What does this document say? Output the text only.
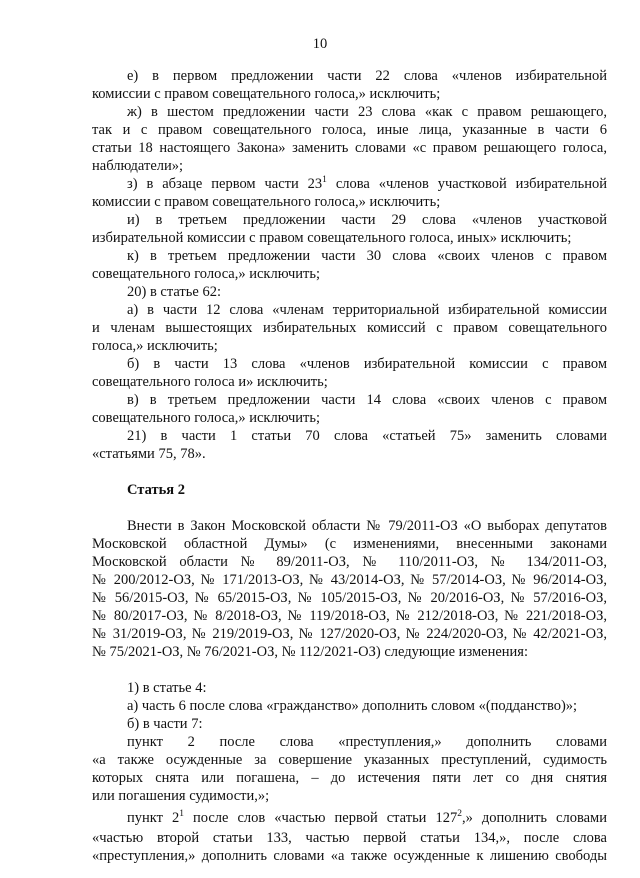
10
е) в первом предложении части 22 слова «членов избирательной
комиссии с правом совещательного голоса,» исключить;
ж) в шестом предложении части 23 слова «как с правом решающего,
так и с правом совещательного голоса, иные лица, указанные в части 6
статьи 18 настоящего Закона» заменить словами «с правом решающего голоса,
наблюдатели»;
з) в абзаце первом части $23^1$ слова «членов участковой избирательной
комиссии с правом совещательного голоса,» исключить;
и) в третьем предложении части 29 слова «членов участковой
избирательной комиссии с правом совещательного голоса, иных» исключить;
к) в третьем предложении части 30 слова «своих членов с правом
совещательного голоса,» исключить;
20) в статье 62:
а) в части 12 слова «членам территориальной избирательной комиссии
и членам вышестоящих избирательных комиссий с правом совещательного
голоса,» исключить;
б) в части 13 слова «членов избирательной комиссии с правом
совещательного голоса и» исключить;
в) в третьем предложении части 14 слова «своих членов с правом
совещательного голоса,» исключить;
21) в части 1 статьи 70 слова «статьей 75» заменить словами
«статьями 75, 78».
Статья 2
Внести в Закон Московской области № 79/2011-ОЗ «О выборах депутатов
Московской областной Думы» (с изменениями, внесенными законами
Московской области № 89/2011-ОЗ, № 110/2011-ОЗ, № 134/2011-ОЗ,
№ 200/2012-ОЗ, № 171/2013-ОЗ, № 43/2014-ОЗ, № 57/2014-ОЗ, № 96/2014-ОЗ,
№ 56/2015-ОЗ, № 65/2015-ОЗ, № 105/2015-ОЗ, № 20/2016-ОЗ, № 57/2016-ОЗ,
№ 80/2017-ОЗ, № 8/2018-ОЗ, № 119/2018-ОЗ, № 212/2018-ОЗ, № 221/2018-ОЗ,
№ 31/2019-ОЗ, № 219/2019-ОЗ, № 127/2020-ОЗ, № 224/2020-ОЗ, № 42/2021-ОЗ,
№ 75/2021-ОЗ, № 76/2021-ОЗ, № 112/2021-ОЗ) следующие изменения:
1) в статье 4:
а) часть 6 после слова «гражданство» дополнить словом «(подданство)»;
б) в части 7:
пункт 2 после слова «преступления,» дополнить словами
«а также осужденные за совершение указанных преступлений, судимость
которых снята или погашена, – до истечения пяти лет со дня снятия
или погашения судимости,»;
пункт $2^1$ после слов «частью первой статьи $127^2$,» дополнить словами
«частью второй статьи 133, частью первой статьи 134,», после слова
«преступления,» дополнить словами «а также осужденные к лишению свободы
